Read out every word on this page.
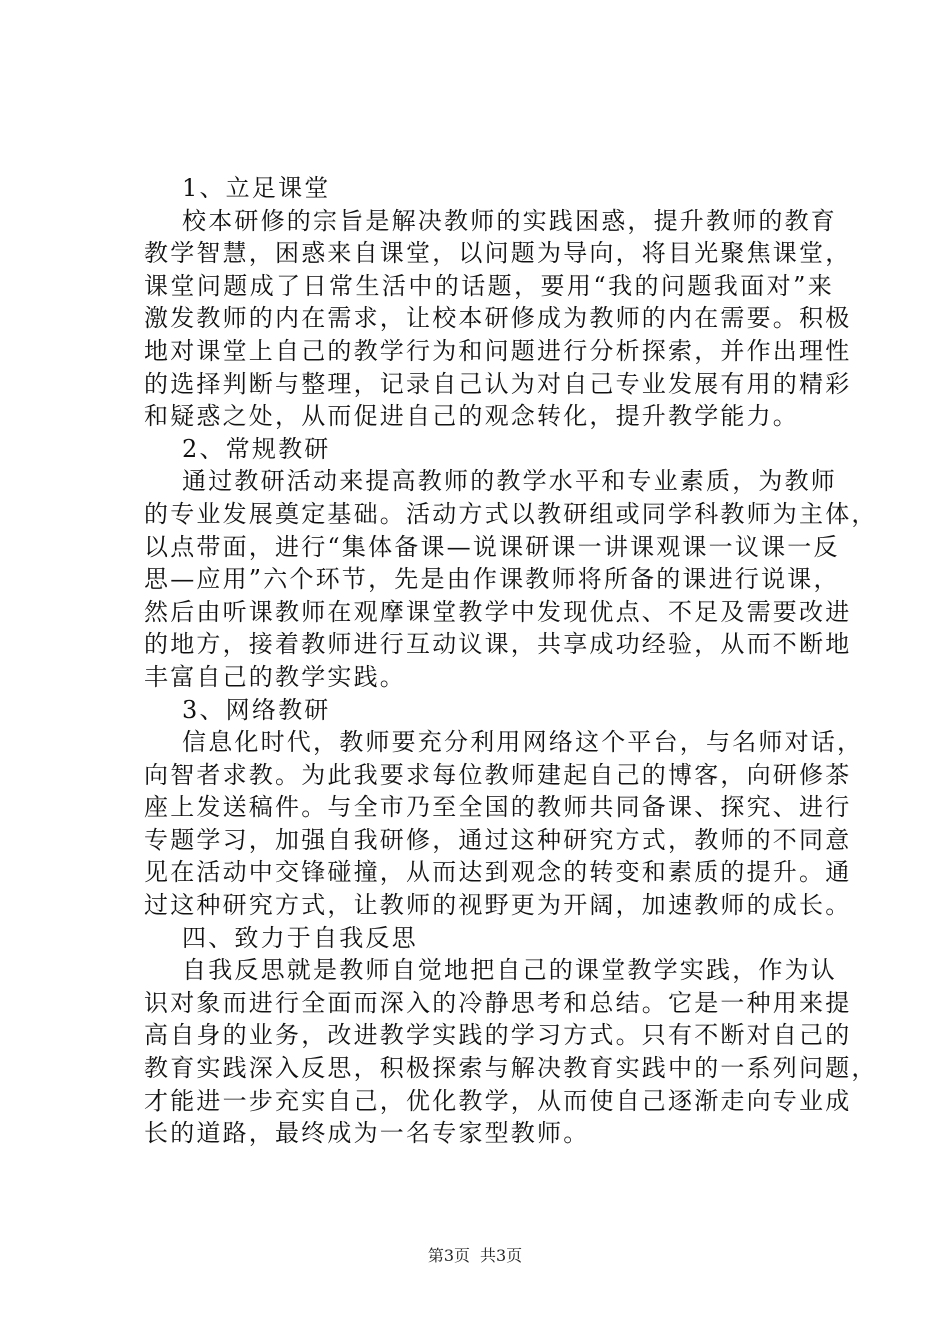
1、立足课堂
校本研修的宗旨是解决教师的实践困惑，提升教师的教育
教学智慧，困惑来自课堂，以问题为导向，将目光聚焦课堂，
课堂问题成了日常生活中的话题，要用“我的问题我面对”来
激发教师的内在需求，让校本研修成为教师的内在需要。积极
地对课堂上自己的教学行为和问题进行分析探索，并作出理性
的选择判断与整理，记录自己认为对自己专业发展有用的精彩
和疑惑之处，从而促进自己的观念转化，提升教学能力。
2、常规教研
通过教研活动来提高教师的教学水平和专业素质，为教师
的专业发展奠定基础。活动方式以教研组或同学科教师为主体，
以点带面，进行“集体备课—说课研课一讲课观课一议课一反
思—应用”六个环节，先是由作课教师将所备的课进行说课，
然后由听课教师在观摩课堂教学中发现优点、不足及需要改进
的地方，接着教师进行互动议课，共享成功经验，从而不断地
丰富自己的教学实践。
3、网络教研
信息化时代，教师要充分利用网络这个平台，与名师对话，
向智者求教。为此我要求每位教师建起自己的博客，向研修茶
座上发送稿件。与全市乃至全国的教师共同备课、探究、进行
专题学习，加强自我研修，通过这种研究方式，教师的不同意
见在活动中交锋碰撞，从而达到观念的转变和素质的提升。通
过这种研究方式，让教师的视野更为开阔，加速教师的成长。
四、致力于自我反思
自我反思就是教师自觉地把自己的课堂教学实践，作为认
识对象而进行全面而深入的冷静思考和总结。它是一种用来提
高自身的业务，改进教学实践的学习方式。只有不断对自己的
教育实践深入反思，积极探索与解决教育实践中的一系列问题，
才能进一步充实自己，优化教学，从而使自己逐渐走向专业成
长的道路，最终成为一名专家型教师。
第3页 共3页
